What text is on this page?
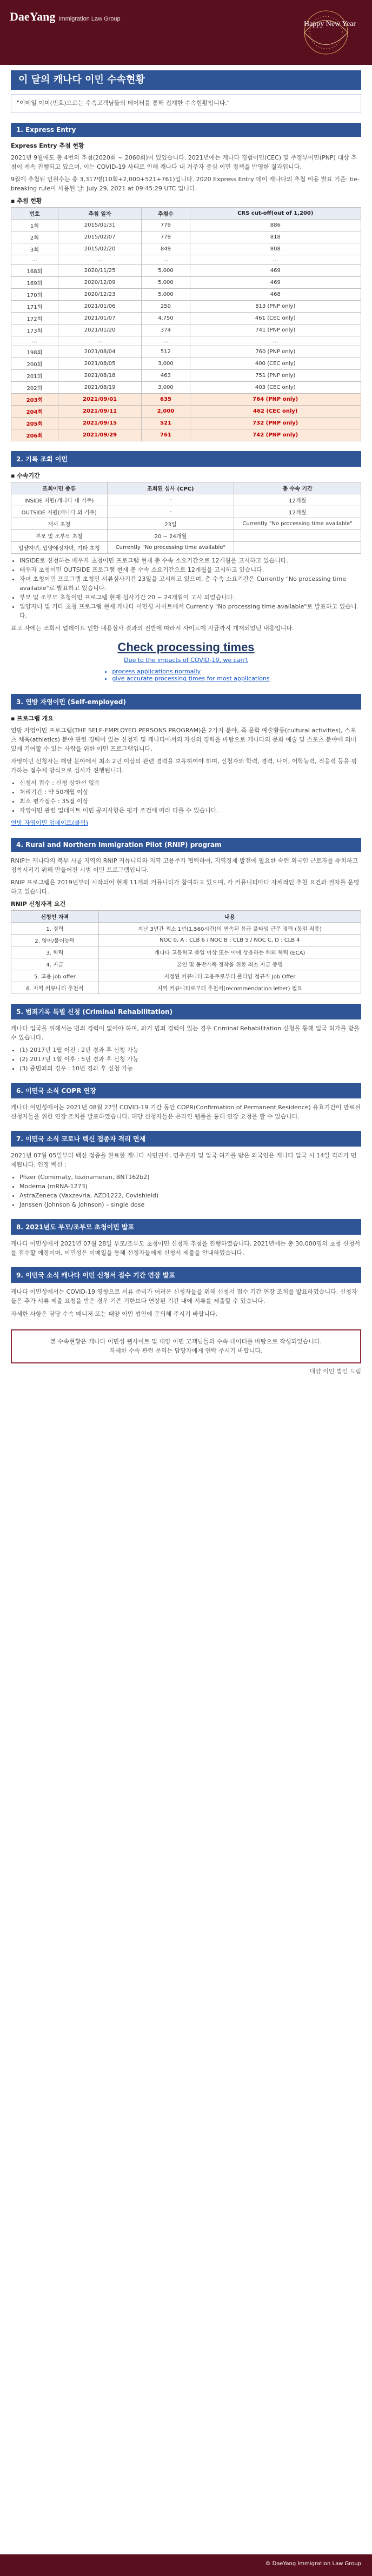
DaeYang Immigration Law Group
Happy New Year
이 달의 캐나다 이민 수속현황
"이메일 이미(번호)으로는 수속고객님들의 데이터를 통해 집계한 수속현황입니다."
1. Express Entry
Express Entry 추첨 현황
2021년 9월에도 총 4번의 추첨(2020회 ~ 2060회)이 있었습니다. 2021년에는 캐나다 경험이민(CEC) 및 주정부이민(PNP) 대상 추첨이 계속 진행되고 있으며, 이는 COVID-19 사태로 인해 캐나다 내 거주자 중심 이민 정책을 반영한 결과입니다.
9월에 추첨된 인원수는 총 3,317명(10회+2,000+521+761)입니다. 2020 Express Entry 데이 캐나다의 추첨 이용 발표 기준: tie-breaking rule이 사용된 날: July 29, 2021 at 09:45:29 UTC 입니다.
▪ 추첨 현황
번호	추첨 일자	추첨수	CRS cut-off(out of 1,200)
1회	2015/01/31	779	886
2회	2015/02/07	779	818
3회	2015/02/20	849	808
…	…	…	…
168회	2020/11/25	5,000	469
169회	2020/12/09	5,000	469
170회	2020/12/23	5,000	468
171회	2021/01/06	250	813 (PNP only)
172회	2021/01/07	4,750	461 (CEC only)
173회	2021/01/20	374	741 (PNP only)
…	…	…	…
198회	2021/08/04	512	760 (PNP only)
200회	2021/08/05	3,000	400 (CEC only)
201회	2021/08/18	463	751 (PNP only)
202회	2021/08/19	3,000	403 (CEC only)
203회	2021/09/01	635	764 (PNP only)
204회	2021/09/11	2,000	462 (CEC only)
205회	2021/09/15	521	732 (PNP only)
206회	2021/09/29	761	742 (PNP only)
2. 기록 조회 이민
▪ 수속기간
조회이민 종류	조회된 심사 (CPC)	총 수속 기간
INSIDE 지원(캐나다 내 거주)	-	12개월
OUTSIDE 지원(캐나다 외 거주)	-	12개월
재서 초청	23일	Currently "No processing time available"
부모 및 조부모 초청	20 ~ 24개월	
입양자녀, 입양예정자녀, 기타 초청	Currently "No processing time available"	
• INSIDE로 신청하는 배우자 초청이민 프로그램 현재 총 수속 소요기간으로 12개월을 고시하고 있습니다.
• 배우자 초청이민 OUTSIDE 프로그램 현재 총 수속 소요기간으로 12개월을 고시하고 있습니다.
• 자녀 초청이민 프로그램 초청인 서류심사기간 23일을 고시하고 있으며, 총 수속 소요기간은 Currently "No processing time available"로 발표하고 있습니다.
• 부모 및 조부모 초청이민 프로그램 현재 심사기간 20 ~ 24개월이 고시 되었습니다.
• 입양자녀 및 기타 초청 프로그램 현재 캐나다 이민성 사이트에서 Currently "No processing time available"로 발표하고 있습니다.
표고 자에는 조회서 업데이트 인한 내용심사 결과의 전반에 따라서 사이트에 지금까지 개재되었던 내용입니다.
Check processing times
Due to the impacts of COVID-19, we can't
• process applications normally
• give accurate processing times for most applications
3. 연방 자영이민 (Self-employed)
▪ 프로그램 개요
연방 자영이민 프로그램(THE SELF-EMPLOYED PERSONS PROGRAM)은 2가지 분야, 즉 문화 예술활동(cultural activities), 스포츠 체육(athletics) 분야 관련 경력이 있는 신청자 및 캐나다에서의 자신의 경력을 바탕으로 캐나다의 문화 예술 및 스포츠 분야에 의미있게 기여할 수 있는 사람을 위한 이민 프로그램입니다.
자영이민 신청자는 해당 분야에서 최소 2년 이상의 관련 경력을 보유하여야 하며, 신청자의 학력, 경력, 나이, 어학능력, 적응력 등을 평가하는 점수제 방식으로 심사가 진행됩니다.
• 신청서 접수 : 신청 상한선 없음
• 처리기간 : 약 50개월 이상
• 최소 평가점수 : 35점 이상
• 자영이민 관련 업데이트 이민 공지사항은 평가 조건에 따라 다를 수 있습니다.
연방 자영이민 업데이트(클릭)
4. Rural and Northern Immigration Pilot (RNIP) program
RNIP는 캐나다의 북부 시골 지역의 RNIP 커뮤니티와 지역 고용주가 협력하여, 지역경제 발전에 필요한 숙련 외국인 근로자를 유치하고 정착시키기 위해 만들어진 시범 이민 프로그램입니다.
RNIP 프로그램은 2019년부터 시작되어 현재 11개의 커뮤니티가 참여하고 있으며, 각 커뮤니티마다 자체적인 추천 요건과 절차를 운영하고 있습니다.
RNIP 신청자격 요건
신청인 자격	내용
1. 경력	지난 3년간 최소 1년(1,560시간)의 연속된 유급 풀타임 근무 경력 (동일 직종)
2. 영어/불어능력	NOC 0, A : CLB 6 / NOC B : CLB 5 / NOC C, D : CLB 4
3. 학력	캐나다 고등학교 졸업 이상 또는 이에 상응하는 해외 학력 (ECA)
4. 자금	본인 및 동반가족 정착을 위한 최소 자금 증명
5. 고용 job offer	지정된 커뮤니티 고용주로부터 풀타임 정규직 Job Offer
6. 지역 커뮤니티 추천서	지역 커뮤니티로부터 추천서(recommendation letter) 필요
5. 범죄기록 특별 신청 (Criminal Rehabilitation)
캐나다 입국을 위해서는 범죄 경력이 없어야 하며, 과거 범죄 경력이 있는 경우 Criminal Rehabilitation 신청을 통해 입국 허가를 받을 수 있습니다.
• (1) 2017년 1월 이전 : 2년 경과 후 신청 가능
• (2) 2017년 1월 이후 : 5년 경과 후 신청 가능
• (3) 중범죄의 경우 : 10년 경과 후 신청 가능
6. 이민국 소식 COPR 연장
캐나다 이민성에서는 2021년 08월 27일 COVID-19 기간 동안 COPR(Confirmation of Permanent Residence) 유효기간이 만료된 신청자들을 위한 연장 조치를 발표하였습니다. 해당 신청자들은 온라인 웹폼을 통해 연장 요청을 할 수 있습니다.
7. 이민국 소식 코로나 백신 접종자 격리 면제
2021년 07월 05일부터 백신 접종을 완료한 캐나다 시민권자, 영주권자 및 입국 허가를 받은 외국인은 캐나다 입국 시 14일 격리가 면제됩니다. 인정 백신 :
• Pfizer (Comirnaty, tozinameran, BNT162b2)
• Moderna (mRNA-1273)
• AstraZeneca (Vaxzevria, AZD1222, Covishield)
• Janssen (Johnson & Johnson) – single dose
8. 2021년도 부모/조부모 초청이민 발표
캐나다 이민성에서 2021년 07월 28일 부모/조부모 초청이민 신청자 추첨을 진행하였습니다. 2021년에는 총 30,000명의 초청 신청서를 접수할 예정이며, 이민성은 이메일을 통해 선정자들에게 신청서 제출을 안내하였습니다.
9. 이민국 소식 캐나다 이민 신청서 접수 기간 연장 발표
캐나다 이민성에서는 COVID-19 영향으로 서류 준비가 어려운 신청자들을 위해 신청서 접수 기간 연장 조치를 발표하였습니다. 신청자들은 추가 서류 제출 요청을 받은 경우 기존 기한보다 연장된 기간 내에 서류를 제출할 수 있습니다.
자세한 사항은 담당 수속 매니저 또는 대양 이민 법인에 문의해 주시기 바랍니다.
본 수속현황은 캐나다 이민성 웹사이트 및 대양 이민 고객님들의 수속 데이터를 바탕으로 작성되었습니다.
자세한 수속 관련 문의는 담당자에게 연락 주시기 바랍니다.
대양 이민 법인 드림
© DaeYang Immigration Law Group
